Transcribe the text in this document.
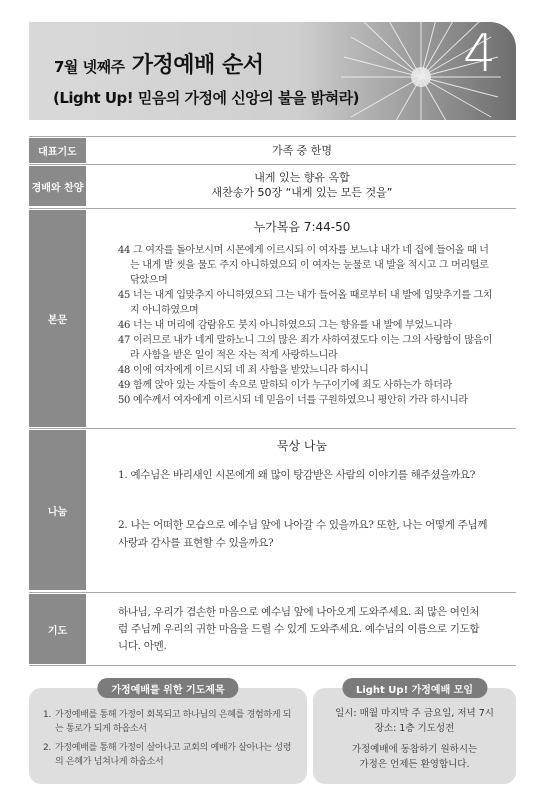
4
7월 넷째주 가정예배 순서
(Light Up! 믿음의 가정에 신앙의 불을 밝혀라)
대표기도	가족 중 한명
경배와 찬양
내게 있는 향유 옥합
새찬송가 50장 “내게 있는 모든 것을”
본문
누가복음 7:44-50
44 그 여자를 돌아보시며 시몬에게 이르시되 이 여자를 보느냐 내가 네 집에 들어올 때 너는 내게 발 씻을 물도 주지 아니하였으되 이 여자는 눈물로 내 발을 적시고 그 머리털로 닦았으며
45 너는 내게 입맞추지 아니하였으되 그는 내가 들어올 때로부터 내 발에 입맞추기를 그치지 아니하였으며
46 너는 내 머리에 감람유도 붓지 아니하였으되 그는 향유를 내 발에 부었느니라
47 이러므로 내가 네게 말하노니 그의 많은 죄가 사하여졌도다 이는 그의 사랑함이 많음이라 사함을 받은 일이 적은 자는 적게 사랑하느니라
48 이에 여자에게 이르시되 네 죄 사함을 받았느니라 하시니
49 함께 앉아 있는 자들이 속으로 말하되 이가 누구이기에 죄도 사하는가 하더라
50 예수께서 여자에게 이르시되 네 믿음이 너를 구원하였으니 평안히 가라 하시니라
나눔
묵상 나눔
1. 예수님은 바리새인 시몬에게 왜 많이 탕감받은 사람의 이야기를 해주셨을까요?
2. 나는 어떠한 모습으로 예수님 앞에 나아갈 수 있을까요? 또한, 나는 어떻게 주님께 사랑과 감사를 표현할 수 있을까요?
기도
하나님, 우리가 겸손한 마음으로 예수님 앞에 나아오게 도와주세요. 죄 많은 여인처럼 주님께 우리의 귀한 마음을 드릴 수 있게 도와주세요. 예수님의 이름으로 기도합니다. 아멘.
가정예배를 위한 기도제목
1. 가정예배를 통해 가정이 회복되고 하나님의 은혜를 경험하게 되는 통로가 되게 하옵소서
2. 가정예배를 통해 가정이 살아나고 교회의 예배가 살아나는 성령의 은혜가 넘쳐나게 하옵소서
Light Up! 가정예배 모임
일시: 매월 마지막 주 금요일, 저녁 7시
장소: 1층 기도성전
가정예배에 동참하기 원하시는
가정은 언제든 환영합니다.
